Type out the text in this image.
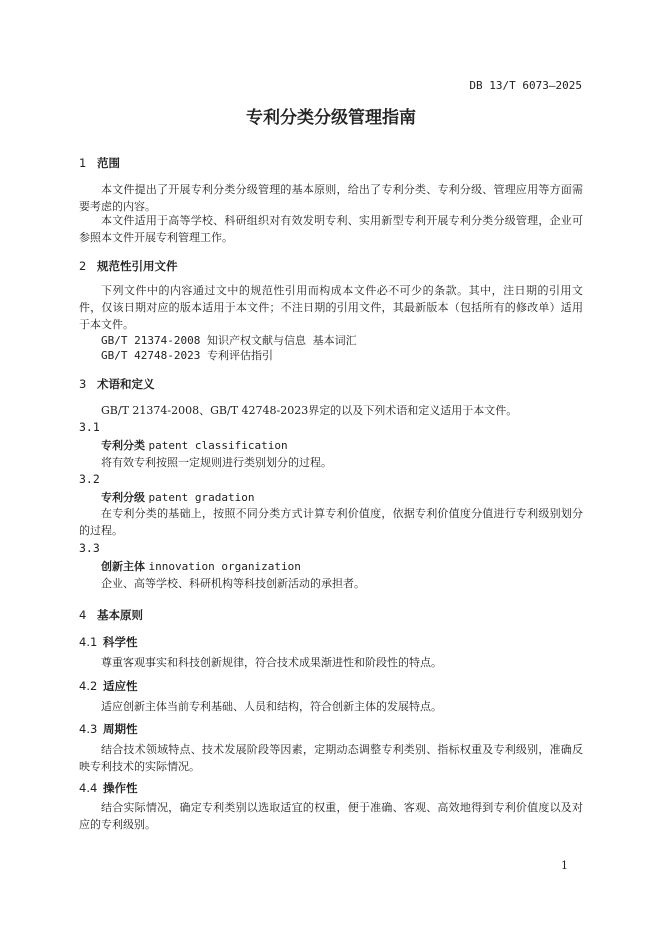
DB 13/T 6073—2025
专利分类分级管理指南
1 范围
本文件提出了开展专利分类分级管理的基本原则，给出了专利分类、专利分级、管理应用等方面需要考虑的内容。
本文件适用于高等学校、科研组织对有效发明专利、实用新型专利开展专利分类分级管理，企业可参照本文件开展专利管理工作。
2 规范性引用文件
下列文件中的内容通过文中的规范性引用而构成本文件必不可少的条款。其中，注日期的引用文件，仅该日期对应的版本适用于本文件；不注日期的引用文件，其最新版本（包括所有的修改单）适用于本文件。
GB/T 21374-2008 知识产权文献与信息 基本词汇
GB/T 42748-2023 专利评估指引
3 术语和定义
GB/T 21374-2008、GB/T 42748-2023界定的以及下列术语和定义适用于本文件。
3.1
专利分类 patent classification
将有效专利按照一定规则进行类别划分的过程。
3.2
专利分级 patent gradation
在专利分类的基础上，按照不同分类方式计算专利价值度，依据专利价值度分值进行专利级别划分的过程。
3.3
创新主体 innovation organization
企业、高等学校、科研机构等科技创新活动的承担者。
4 基本原则
4.1 科学性
尊重客观事实和科技创新规律，符合技术成果渐进性和阶段性的特点。
4.2 适应性
适应创新主体当前专利基础、人员和结构，符合创新主体的发展特点。
4.3 周期性
结合技术领域特点、技术发展阶段等因素，定期动态调整专利类别、指标权重及专利级别，准确反映专利技术的实际情况。
4.4 操作性
结合实际情况，确定专利类别以选取适宜的权重，便于准确、客观、高效地得到专利价值度以及对应的专利级别。
1
